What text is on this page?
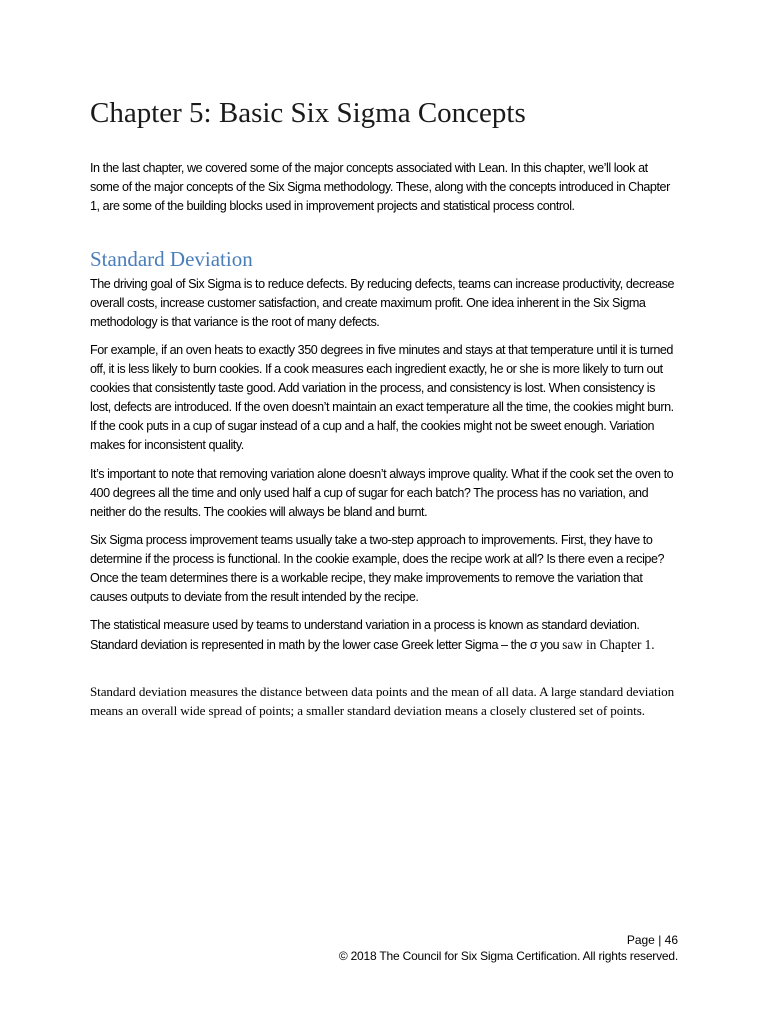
Chapter 5: Basic Six Sigma Concepts

In the last chapter, we covered some of the major concepts associated with Lean. In this chapter, we’ll look at some of the major concepts of the Six Sigma methodology. These, along with the concepts introduced in Chapter 1, are some of the building blocks used in improvement projects and statistical process control.

Standard Deviation

The driving goal of Six Sigma is to reduce defects. By reducing defects, teams can increase productivity, decrease overall costs, increase customer satisfaction, and create maximum profit. One idea inherent in the Six Sigma methodology is that variance is the root of many defects.

For example, if an oven heats to exactly 350 degrees in five minutes and stays at that temperature until it is turned off, it is less likely to burn cookies. If a cook measures each ingredient exactly, he or she is more likely to turn out cookies that consistently taste good. Add variation in the process, and consistency is lost. When consistency is lost, defects are introduced. If the oven doesn’t maintain an exact temperature all the time, the cookies might burn. If the cook puts in a cup of sugar instead of a cup and a half, the cookies might not be sweet enough. Variation makes for inconsistent quality.

It’s important to note that removing variation alone doesn’t always improve quality. What if the cook set the oven to 400 degrees all the time and only used half a cup of sugar for each batch? The process has no variation, and neither do the results. The cookies will always be bland and burnt.

Six Sigma process improvement teams usually take a two-step approach to improvements. First, they have to determine if the process is functional. In the cookie example, does the recipe work at all? Is there even a recipe? Once the team determines there is a workable recipe, they make improvements to remove the variation that causes outputs to deviate from the result intended by the recipe.

The statistical measure used by teams to understand variation in a process is known as standard deviation. Standard deviation is represented in math by the lower case Greek letter Sigma – the σ you saw in Chapter 1.

Standard deviation measures the distance between data points and the mean of all data. A large standard deviation means an overall wide spread of points; a smaller standard deviation means a closely clustered set of points.

Page | 46
© 2018 The Council for Six Sigma Certification. All rights reserved.
